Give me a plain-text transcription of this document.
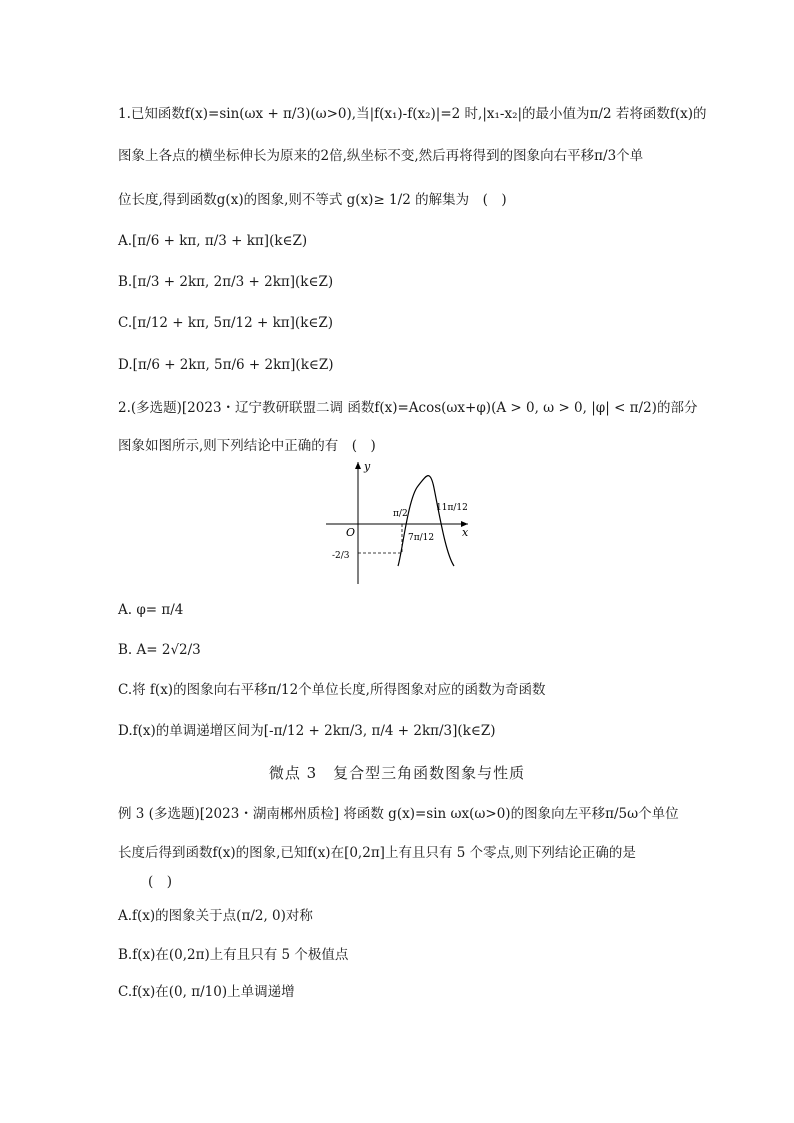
1.已知函数f(x)=sin(ωx + π/3)(ω>0),当|f(x₁)-f(x₂)|=2 时,|x₁-x₂|的最小值为π/2 若将函数f(x)的
图象上各点的横坐标伸长为原来的2倍,纵坐标不变,然后再将得到的图象向右平移π/3个单
位长度,得到函数g(x)的图象,则不等式 g(x)≥ 1/2 的解集为　(　)
A.[π/6 + kπ, π/3 + kπ](k∈Z)
B.[π/3 + 2kπ, 2π/3 + 2kπ](k∈Z)
C.[π/12 + kπ, 5π/12 + kπ](k∈Z)
D.[π/6 + 2kπ, 5π/6 + 2kπ](k∈Z)
2.(多选题)[2023・辽宁教研联盟二调 函数f(x)=Acos(ωx+φ)(A > 0, ω > 0, |φ| < π/2)的部分
图象如图所示,则下列结论中正确的有　(　)
y
x
O
π/2
7π/12
11π/12
-2/3
A. φ= π/4
B. A= 2√2/3
C.将 f(x)的图象向右平移π/12个单位长度,所得图象对应的函数为奇函数
D.f(x)的单调递增区间为[-π/12 + 2kπ/3, π/4 + 2kπ/3](k∈Z)
微点 3　复合型三角函数图象与性质
例 3 (多选题)[2023・湖南郴州质检] 将函数 g(x)=sin ωx(ω>0)的图象向左平移π/5ω个单位
长度后得到函数f(x)的图象,已知f(x)在[0,2π]上有且只有 5 个零点,则下列结论正确的是
(　)
A.f(x)的图象关于点(π/2, 0)对称
B.f(x)在(0,2π)上有且只有 5 个极值点
C.f(x)在(0, π/10)上单调递增
